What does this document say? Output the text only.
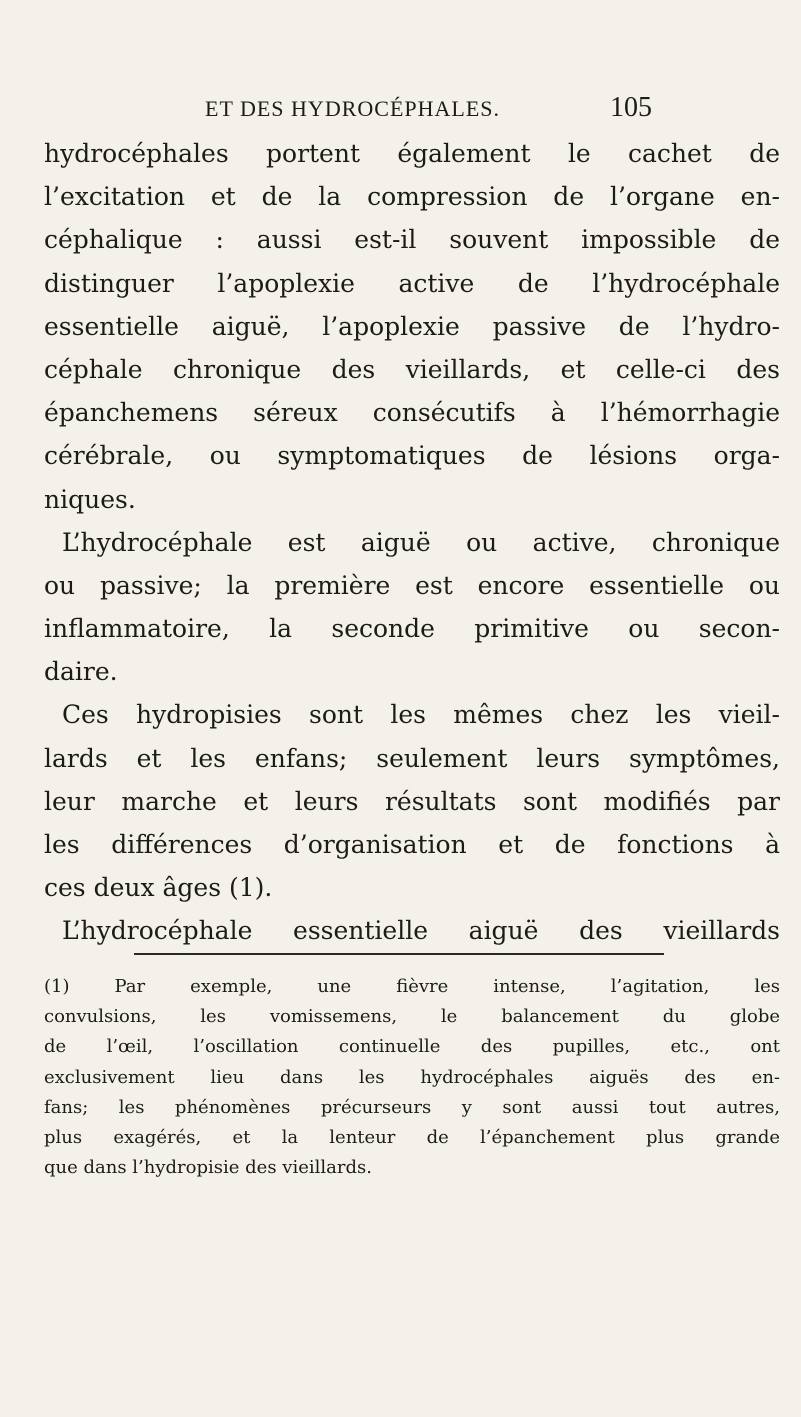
ET DES HYDROCÉPHALES.	105
hydrocéphales portent également le cachet de
l’excitation et de la compression de l’organe en-
céphalique : aussi est-il souvent impossible de
distinguer l’apoplexie active de l’hydrocéphale
essentielle aiguë, l’apoplexie passive de l’hydro-
céphale chronique des vieillards, et celle-ci des
épanchemens séreux consécutifs à l’hémorrhagie
cérébrale, ou symptomatiques de lésions orga-
niques.
L’hydrocéphale est aiguë ou active, chronique
ou passive; la première est encore essentielle ou
inflammatoire, la seconde primitive ou secon-
daire.
Ces hydropisies sont les mêmes chez les vieil-
lards et les enfans; seulement leurs symptômes,
leur marche et leurs résultats sont modifiés par
les différences d’organisation et de fonctions à
ces deux âges (1).
L’hydrocéphale essentielle aiguë des vieillards
(1) Par exemple, une fièvre intense, l’agitation, les
convulsions, les vomissemens, le balancement du globe
de l’œil, l’oscillation continuelle des pupilles, etc., ont
exclusivement lieu dans les hydrocéphales aiguës des en-
fans; les phénomènes précurseurs y sont aussi tout autres,
plus exagérés, et la lenteur de l’épanchement plus grande
que dans l’hydropisie des vieillards.
